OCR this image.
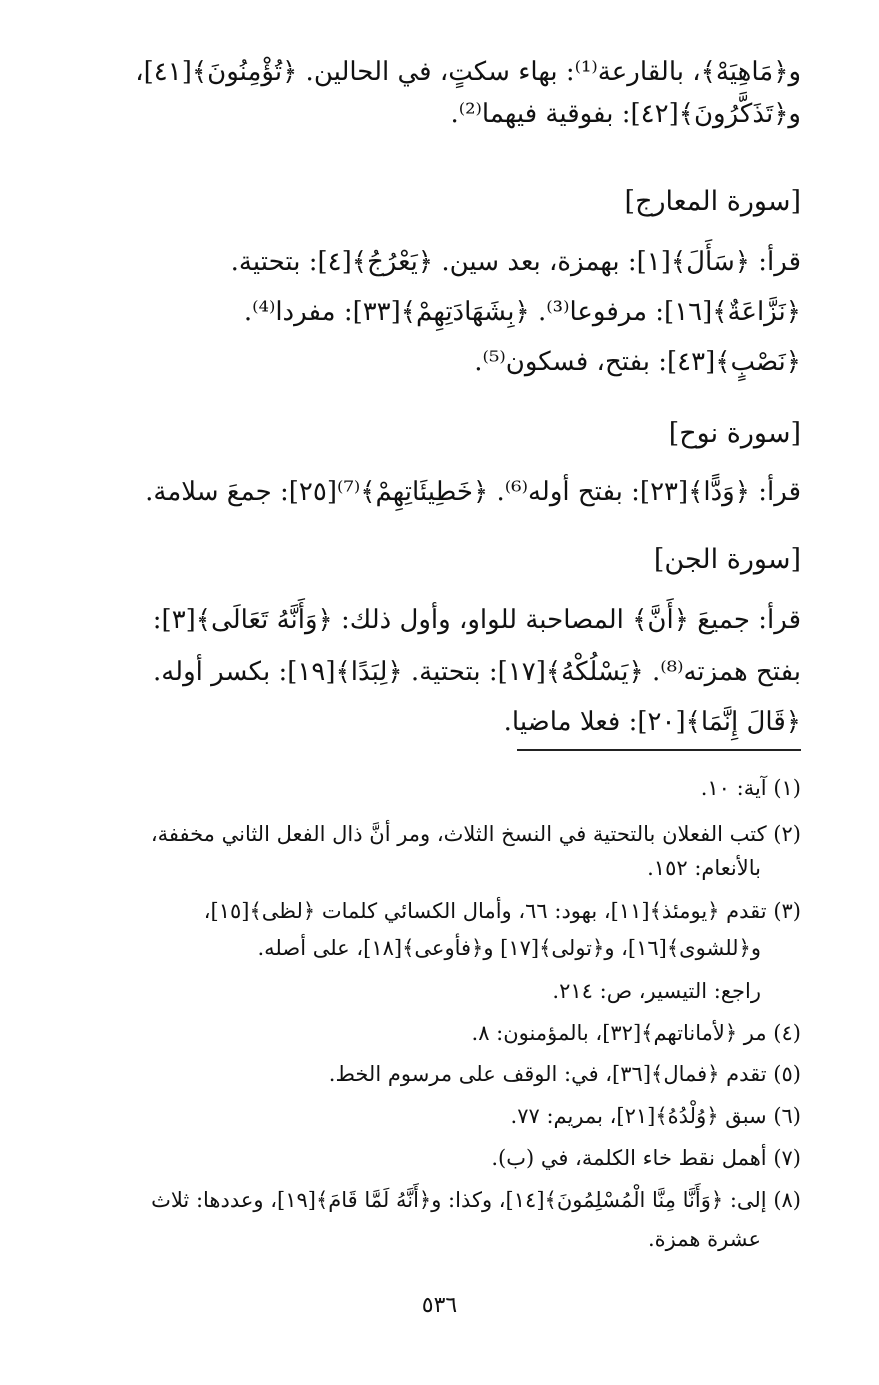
و﴿مَاهِيَهْ﴾، بالقارعة⁽¹⁾: بهاء سكتٍ، في الحالين. ﴿تُؤْمِنُونَ﴾[٤١]،
و﴿تَذَكَّرُونَ﴾[٤٢]: بفوقية فيهما⁽²⁾.
[سورة المعارج]
قرأ: ﴿سَأَلَ﴾[١]: بهمزة، بعد سين. ﴿يَعْرُجُ﴾[٤]: بتحتية.
﴿نَزَّاعَةٌ﴾[١٦]: مرفوعا⁽³⁾. ﴿بِشَهَادَتِهِمْ﴾[٣٣]: مفردا⁽⁴⁾.
﴿نَصْبٍ﴾[٤٣]: بفتح، فسكون⁽⁵⁾.
[سورة نوح]
قرأ: ﴿وَدًّا﴾[٢٣]: بفتح أوله⁽⁶⁾. ﴿خَطِيئَاتِهِمْ﴾⁽⁷⁾[٢٥]: جمعَ سلامة.
[سورة الجن]
قرأ: جميعَ ﴿أَنَّ﴾ المصاحبة للواو، وأول ذلك: ﴿وَأَنَّهُ تَعَالَى﴾[٣]:
بفتح همزته⁽⁸⁾. ﴿يَسْلُكْهُ﴾[١٧]: بتحتية. ﴿لِبَدًا﴾[١٩]: بكسر أوله.
﴿قَالَ إِنَّمَا﴾[٢٠]: فعلا ماضيا.
(١) آية: ١٠.
(٢) كتب الفعلان بالتحتية في النسخ الثلاث، ومر أنَّ ذال الفعل الثاني مخففة،
بالأنعام: ١٥٢.
(٣) تقدم ﴿يومئذ﴾[١١]، بهود: ٦٦، وأمال الكسائي كلمات ﴿لظى﴾[١٥]،
و﴿للشوى﴾[١٦]، و﴿تولى﴾[١٧] و﴿فأوعى﴾[١٨]، على أصله.
راجع: التيسير، ص: ٢١٤.
(٤) مر ﴿لأماناتهم﴾[٣٢]، بالمؤمنون: ٨.
(٥) تقدم ﴿فمال﴾[٣٦]، في: الوقف على مرسوم الخط.
(٦) سبق ﴿وُلْدُهُ﴾[٢١]، بمريم: ٧٧.
(٧) أهمل نقط خاء الكلمة، في (ب).
(٨) إلى: ﴿وَأَنَّا مِنَّا الْمُسْلِمُونَ﴾[١٤]، وكذا: و﴿أَنَّهُ لَمَّا قَامَ﴾[١٩]، وعددها: ثلاث
عشرة همزة.
٥٣٦
